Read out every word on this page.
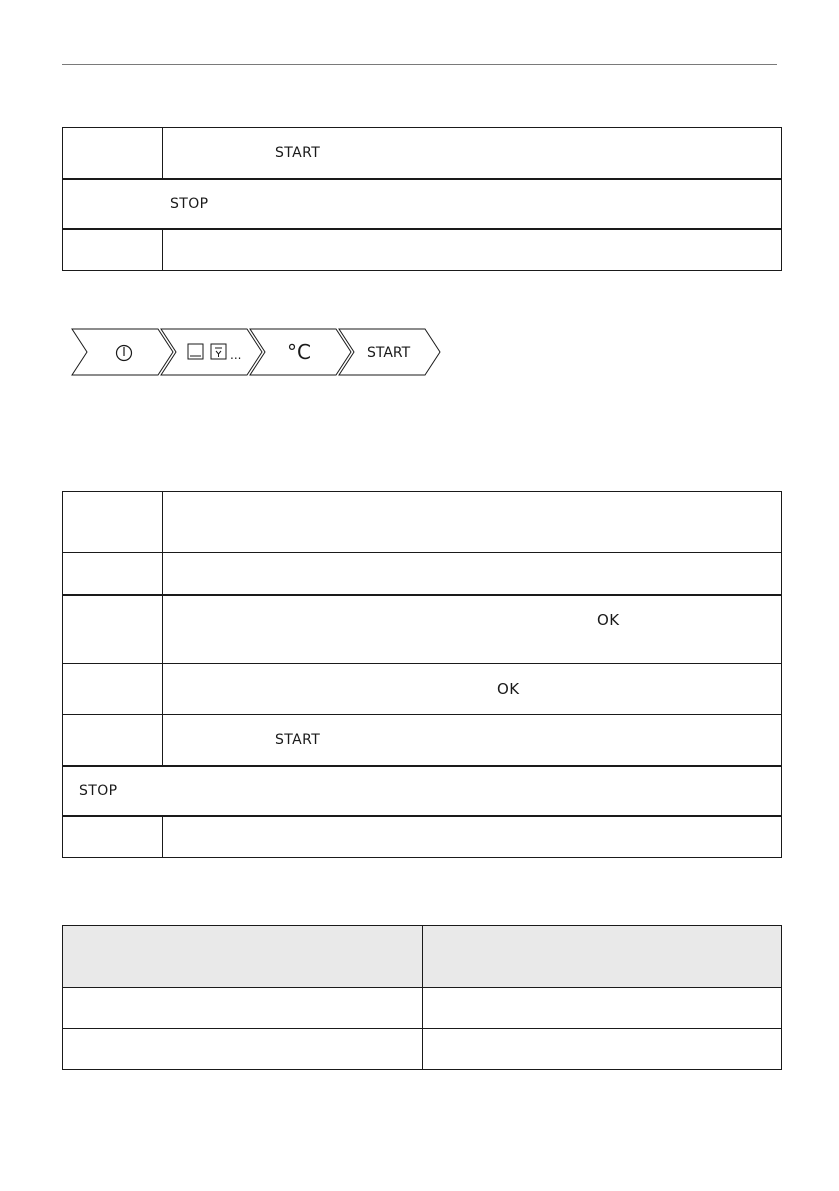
	START
STOP	

... °C	START

	OK
	OK
	START
STOP	
